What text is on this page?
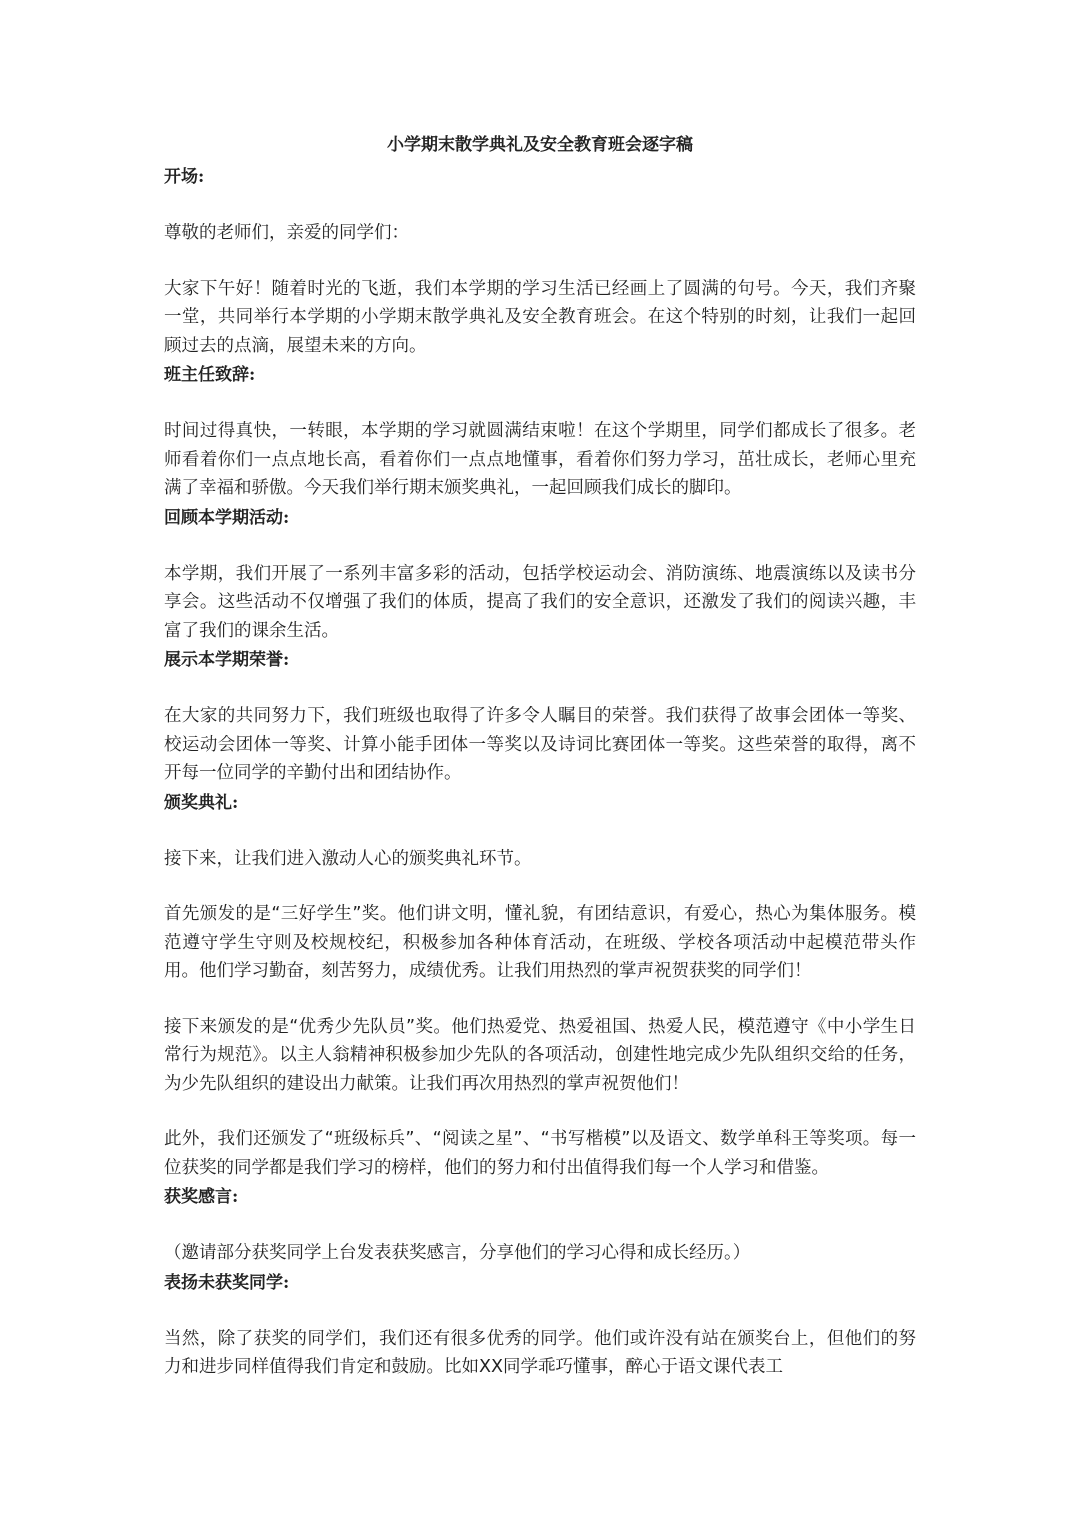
小学期末散学典礼及安全教育班会逐字稿

开场:

尊敬的老师们，亲爱的同学们：

大家下午好！随着时光的飞逝，我们本学期的学习生活已经画上了圆满的句号。今天，我们齐聚一堂，共同举行本学期的小学期末散学典礼及安全教育班会。在这个特别的时刻，让我们一起回顾过去的点滴，展望未来的方向。

班主任致辞:

时间过得真快，一转眼，本学期的学习就圆满结束啦！在这个学期里，同学们都成长了很多。老师看着你们一点点地长高，看着你们一点点地懂事，看着你们努力学习，茁壮成长，老师心里充满了幸福和骄傲。今天我们举行期末颁奖典礼，一起回顾我们成长的脚印。

回顾本学期活动:

本学期，我们开展了一系列丰富多彩的活动，包括学校运动会、消防演练、地震演练以及读书分享会。这些活动不仅增强了我们的体质，提高了我们的安全意识，还激发了我们的阅读兴趣，丰富了我们的课余生活。

展示本学期荣誉:

在大家的共同努力下，我们班级也取得了许多令人瞩目的荣誉。我们获得了故事会团体一等奖、校运动会团体一等奖、计算小能手团体一等奖以及诗词比赛团体一等奖。这些荣誉的取得，离不开每一位同学的辛勤付出和团结协作。

颁奖典礼:

接下来，让我们进入激动人心的颁奖典礼环节。

首先颁发的是“三好学生”奖。他们讲文明，懂礼貌，有团结意识，有爱心，热心为集体服务。模范遵守学生守则及校规校纪，积极参加各种体育活动，在班级、学校各项活动中起模范带头作用。他们学习勤奋，刻苦努力，成绩优秀。让我们用热烈的掌声祝贺获奖的同学们！

接下来颁发的是“优秀少先队员”奖。他们热爱党、热爱祖国、热爱人民，模范遵守《中小学生日常行为规范》。以主人翁精神积极参加少先队的各项活动，创建性地完成少先队组织交给的任务，为少先队组织的建设出力献策。让我们再次用热烈的掌声祝贺他们！

此外，我们还颁发了“班级标兵”、“阅读之星”、“书写楷模”以及语文、数学单科王等奖项。每一位获奖的同学都是我们学习的榜样，他们的努力和付出值得我们每一个人学习和借鉴。

获奖感言:

（邀请部分获奖同学上台发表获奖感言，分享他们的学习心得和成长经历。）

表扬未获奖同学:

当然，除了获奖的同学们，我们还有很多优秀的同学。他们或许没有站在颁奖台上，但他们的努力和进步同样值得我们肯定和鼓励。比如XX同学乖巧懂事，醉心于语文课代表工
